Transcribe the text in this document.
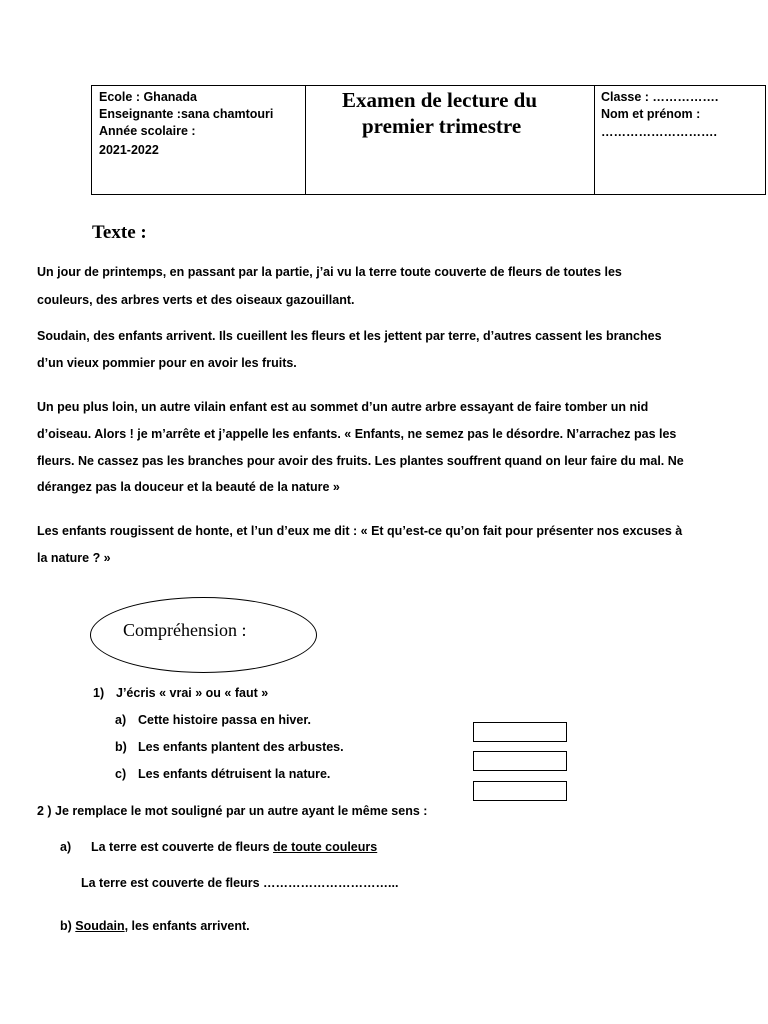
Ecole : Ghanada
Enseignante :sana chamtouri
Année scolaire :
2021-2022
Examen de lecture du
premier trimestre
Classe : …………….
Nom et prénom :
……………………….
Texte :
Un jour de printemps, en passant par la partie, j’ai vu la terre toute couverte de fleurs de toutes les
couleurs, des arbres verts et des oiseaux gazouillant.
Soudain, des enfants arrivent. Ils cueillent les fleurs et les jettent par terre, d’autres cassent les branches
d’un vieux pommier pour en avoir les fruits.
Un peu plus loin, un autre vilain enfant est au sommet d’un autre arbre essayant de faire tomber un nid
d’oiseau. Alors ! je m’arrête et j’appelle les enfants. « Enfants, ne semez pas le désordre. N’arrachez pas les
fleurs. Ne cassez pas les branches pour avoir des fruits. Les plantes souffrent quand on leur faire du mal. Ne
dérangez pas la douceur et la beauté de la nature »
Les enfants rougissent de honte, et l’un d’eux me dit : « Et qu’est-ce qu’on fait pour présenter nos excuses à
la nature ? »
Compréhension :
1) J’écris « vrai » ou « faut »
a) Cette histoire passa en hiver.
b) Les enfants plantent des arbustes.
c) Les enfants détruisent la nature.
2 ) Je remplace le mot souligné par un autre ayant le même sens :
a) La terre est couverte de fleurs de toute couleurs
La terre est couverte de fleurs …………………………...
b) Soudain, les enfants arrivent.
